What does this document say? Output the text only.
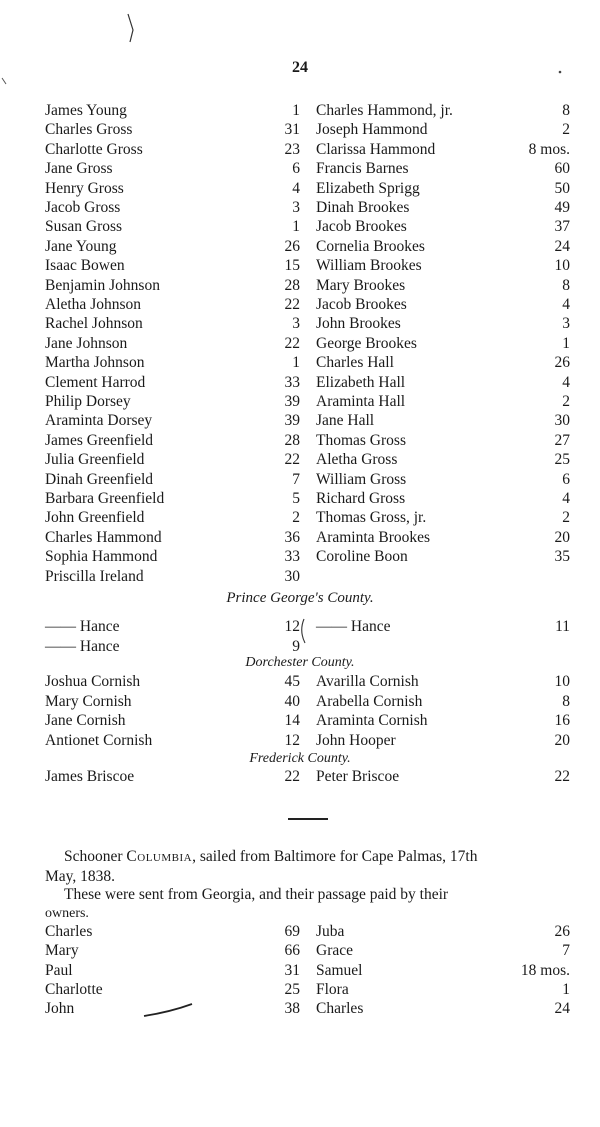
24
James Young	1 Charles Hammond, jr.	8
Charles Gross	31 Joseph Hammond	2
Charlotte Gross	23 Clarissa Hammond	8 mos.
Jane Gross	6 Francis Barnes	60
Henry Gross	4 Elizabeth Sprigg	50
Jacob Gross	3 Dinah Brookes	49
Susan Gross	1 Jacob Brookes	37
Jane Young	26 Cornelia Brookes	24
Isaac Bowen	15 William Brookes	10
Benjamin Johnson	28 Mary Brookes	8
Aletha Johnson	22 Jacob Brookes	4
Rachel Johnson	3 John Brookes	3
Jane Johnson	22 George Brookes	1
Martha Johnson	1 Charles Hall	26
Clement Harrod	33 Elizabeth Hall	4
Philip Dorsey	39 Araminta Hall	2
Araminta Dorsey	39 Jane Hall	30
James Greenfield	28 Thomas Gross	27
Julia Greenfield	22 Aletha Gross	25
Dinah Greenfield	7 William Gross	6
Barbara Greenfield	5 Richard Gross	4
John Greenfield	2 Thomas Gross, jr.	2
Charles Hammond	36 Araminta Brookes	20
Sophia Hammond	33 Coroline Boon	35
Priscilla Ireland	30
Prince George's County.
—— Hance	12 —— Hance	11
—— Hance	9
Dorchester County.
Joshua Cornish	45 Avarilla Cornish	10
Mary Cornish	40 Arabella Cornish	8
Jane Cornish	14 Araminta Cornish	16
Antionet Cornish	12 John Hooper	20
Frederick County.
James Briscoe	22 Peter Briscoe	22
Schooner Columbia, sailed from Baltimore for Cape Palmas, 17th
May, 1838.
These were sent from Georgia, and their passage paid by their
owners.
Charles	69 Juba	26
Mary	66 Grace	7
Paul	31 Samuel	18 mos.
Charlotte	25 Flora	1
John	38 Charles	24
